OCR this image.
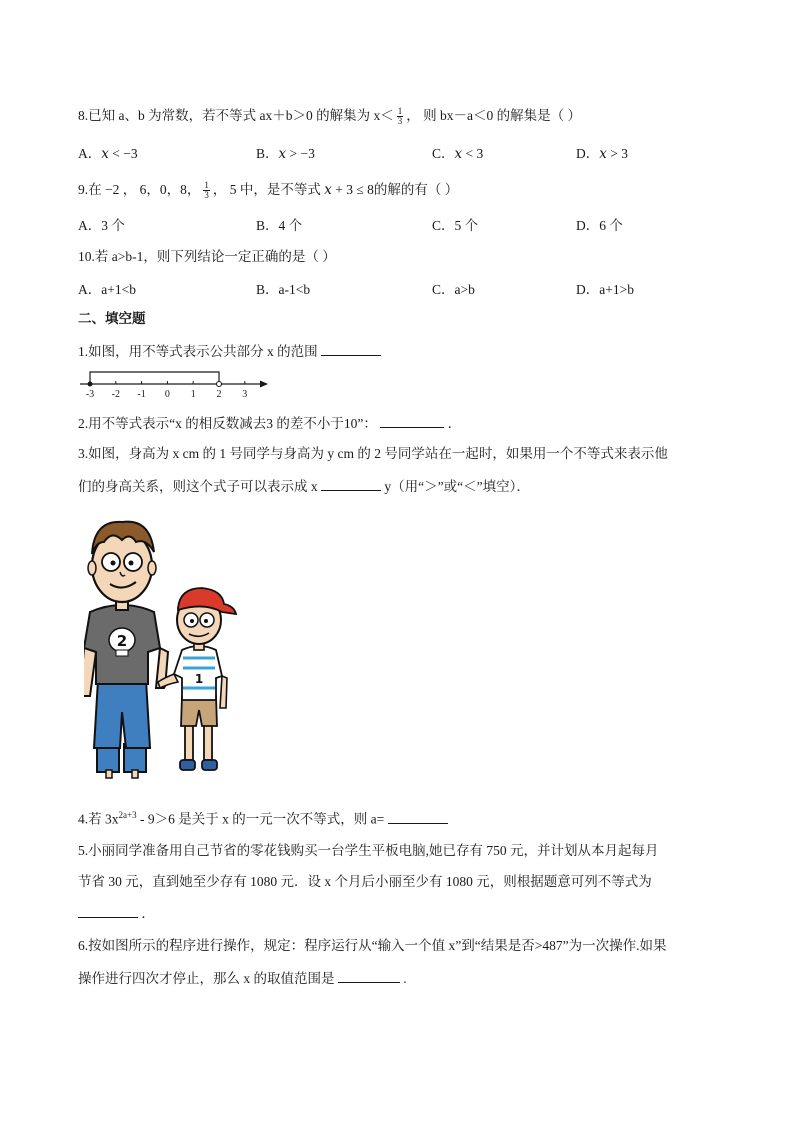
8.已知 a、b 为常数，若不等式 ax＋b＞0 的解集为 $x< \frac{1}{3}$ ， 则 bx－a＜0 的解集是（ ）
A．𝑥 < −3	B．𝑥 > −3	C．𝑥 < 3	D．𝑥 > 3
9.在 −2 ， 6，0，8， $\frac{1}{3}$ ， 5 中，是不等式 𝑥 + 3 ≤ 8的解的有（ ）
A．3 个	B．4 个	C．5 个	D．6 个
10.若 a>b-1，则下列结论一定正确的是（ ）
A．a+1<b	B．a-1<b	C．a>b	D．a+1>b
二、填空题
1.如图，用不等式表示公共部分 x 的范围
-3 -2 -1 0 1 2 3
2.用不等式表示“x 的相反数减去3 的差不小于10”：	．
3.如图，身高为 x cm 的 1 号同学与身高为 y cm 的 2 号同学站在一起时，如果用一个不等式来表示他
们的身高关系，则这个式子可以表示成 x	y（用“＞”或“＜”填空）．
2
1
4.若 $3x^{2a+3} - 9>6$ 是关于 x 的一元一次不等式，则 a=
5.小丽同学准备用自己节省的零花钱购买一台学生平板电脑,她已存有 750 元，并计划从本月起每月
节省 30 元，直到她至少存有 1080 元．设 x 个月后小丽至少有 1080 元，则根据题意可列不等式为
．
6.按如图所示的程序进行操作，规定：程序运行从“输入一个值 x”到“结果是否>487”为一次操作.如果
操作进行四次才停止，那么 x 的取值范围是	.
